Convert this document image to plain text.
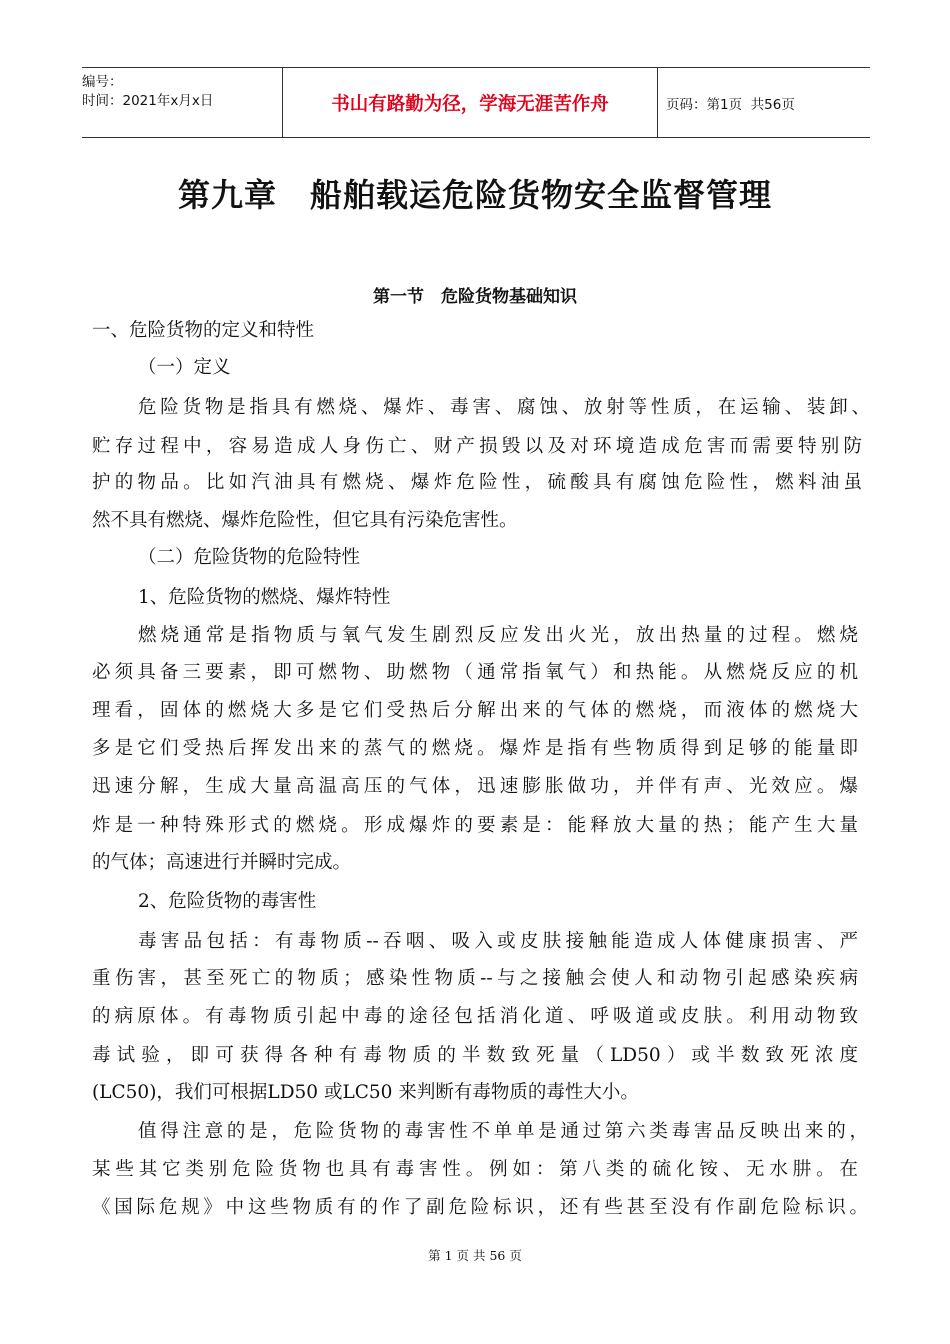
编号：
时间：2021年x月x日	书山有路勤为径，学海无涯苦作舟	页码：第1页  共56页
第九章　船舶载运危险货物安全监督管理
第一节　危险货物基础知识
一、危险货物的定义和特性
（一）定义
危险货物是指具有燃烧、爆炸、毒害、腐蚀、放射等性质，在运输、装卸、
贮存过程中，容易造成人身伤亡、财产损毁以及对环境造成危害而需要特别防
护的物品。比如汽油具有燃烧、爆炸危险性，硫酸具有腐蚀危险性，燃料油虽
然不具有燃烧、爆炸危险性，但它具有污染危害性。
（二）危险货物的危险特性
1、危险货物的燃烧、爆炸特性
燃烧通常是指物质与氧气发生剧烈反应发出火光，放出热量的过程。燃烧
必须具备三要素，即可燃物、助燃物（通常指氧气）和热能。从燃烧反应的机
理看，固体的燃烧大多是它们受热后分解出来的气体的燃烧，而液体的燃烧大
多是它们受热后挥发出来的蒸气的燃烧。爆炸是指有些物质得到足够的能量即
迅速分解，生成大量高温高压的气体，迅速膨胀做功，并伴有声、光效应。爆
炸是一种特殊形式的燃烧。形成爆炸的要素是：能释放大量的热；能产生大量
的气体；高速进行并瞬时完成。
2、危险货物的毒害性
毒害品包括：有毒物质--吞咽、吸入或皮肤接触能造成人体健康损害、严
重伤害，甚至死亡的物质；感染性物质--与之接触会使人和动物引起感染疾病
的病原体。有毒物质引起中毒的途径包括消化道、呼吸道或皮肤。利用动物致
毒试验，即可获得各种有毒物质的半数致死量（LD50）或半数致死浓度
(LC50)，我们可根据LD50 或LC50 来判断有毒物质的毒性大小。
值得注意的是，危险货物的毒害性不单单是通过第六类毒害品反映出来的，
某些其它类别危险货物也具有毒害性。例如：第八类的硫化铵、无水肼。在
《国际危规》中这些物质有的作了副危险标识，还有些甚至没有作副危险标识。
第 1 页 共 56 页
